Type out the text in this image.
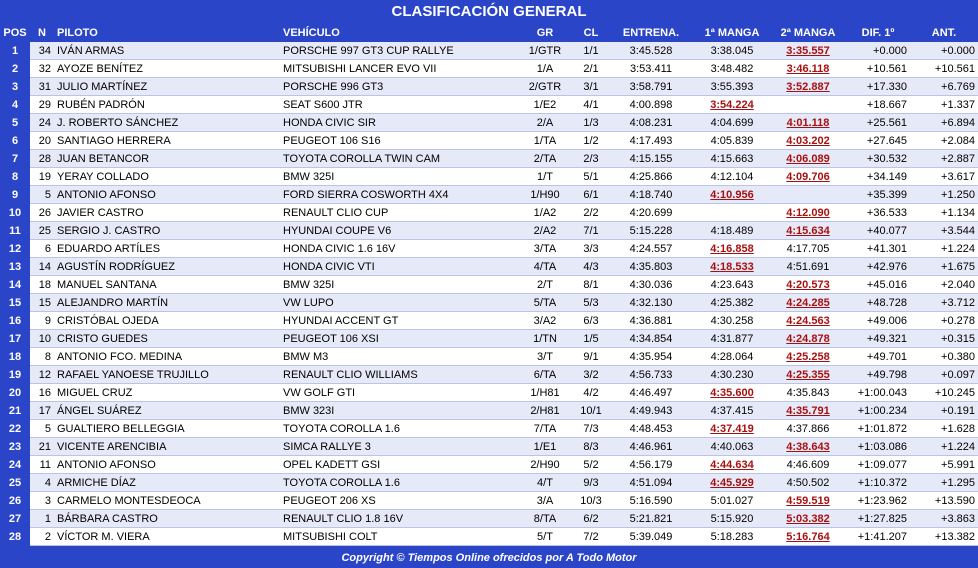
CLASIFICACIÓN GENERAL
POS	N	PILOTO	VEHÍCULO	GR	CL	ENTRENA.	1ª MANGA	2ª MANGA	DIF. 1º	ANT.
1	34	IVÁN ARMAS	PORSCHE 997 GT3 CUP RALLYE	1/GTR	1/1	3:45.528	3:38.045	3:35.557	+0.000	+0.000
2	32	AYOZE BENÍTEZ	MITSUBISHI LANCER EVO VII	1/A	2/1	3:53.411	3:48.482	3:46.118	+10.561	+10.561
3	31	JULIO MARTÍNEZ	PORSCHE 996 GT3	2/GTR	3/1	3:58.791	3:55.393	3:52.887	+17.330	+6.769
4	29	RUBÉN PADRÓN	SEAT S600 JTR	1/E2	4/1	4:00.898	3:54.224		+18.667	+1.337
5	24	J. ROBERTO SÁNCHEZ	HONDA CIVIC SIR	2/A	1/3	4:08.231	4:04.699	4:01.118	+25.561	+6.894
6	20	SANTIAGO HERRERA	PEUGEOT 106 S16	1/TA	1/2	4:17.493	4:05.839	4:03.202	+27.645	+2.084
7	28	JUAN BETANCOR	TOYOTA COROLLA TWIN CAM	2/TA	2/3	4:15.155	4:15.663	4:06.089	+30.532	+2.887
8	19	YERAY COLLADO	BMW 325I	1/T	5/1	4:25.866	4:12.104	4:09.706	+34.149	+3.617
9	5	ANTONIO AFONSO	FORD SIERRA COSWORTH 4X4	1/H90	6/1	4:18.740	4:10.956		+35.399	+1.250
10	26	JAVIER CASTRO	RENAULT CLIO CUP	1/A2	2/2	4:20.699		4:12.090	+36.533	+1.134
11	25	SERGIO J. CASTRO	HYUNDAI COUPE V6	2/A2	7/1	5:15.228	4:18.489	4:15.634	+40.077	+3.544
12	6	EDUARDO ARTÍLES	HONDA CIVIC 1.6 16V	3/TA	3/3	4:24.557	4:16.858	4:17.705	+41.301	+1.224
13	14	AGUSTÍN RODRÍGUEZ	HONDA CIVIC VTI	4/TA	4/3	4:35.803	4:18.533	4:51.691	+42.976	+1.675
14	18	MANUEL SANTANA	BMW 325I	2/T	8/1	4:30.036	4:23.643	4:20.573	+45.016	+2.040
15	15	ALEJANDRO MARTÍN	VW LUPO	5/TA	5/3	4:32.130	4:25.382	4:24.285	+48.728	+3.712
16	9	CRISTÓBAL OJEDA	HYUNDAI ACCENT GT	3/A2	6/3	4:36.881	4:30.258	4:24.563	+49.006	+0.278
17	10	CRISTO GUEDES	PEUGEOT 106 XSI	1/TN	1/5	4:34.854	4:31.877	4:24.878	+49.321	+0.315
18	8	ANTONIO FCO. MEDINA	BMW M3	3/T	9/1	4:35.954	4:28.064	4:25.258	+49.701	+0.380
19	12	RAFAEL YANOESE TRUJILLO	RENAULT CLIO WILLIAMS	6/TA	3/2	4:56.733	4:30.230	4:25.355	+49.798	+0.097
20	16	MIGUEL CRUZ	VW GOLF GTI	1/H81	4/2	4:46.497	4:35.600	4:35.843	+1:00.043	+10.245
21	17	ÁNGEL SUÁREZ	BMW 323I	2/H81	10/1	4:49.943	4:37.415	4:35.791	+1:00.234	+0.191
22	5	GUALTIERO BELLEGGIA	TOYOTA COROLLA 1.6	7/TA	7/3	4:48.453	4:37.419	4:37.866	+1:01.872	+1.628
23	21	VICENTE ARENCIBIA	SIMCA RALLYE 3	1/E1	8/3	4:46.961	4:40.063	4:38.643	+1:03.086	+1.224
24	11	ANTONIO AFONSO	OPEL KADETT GSI	2/H90	5/2	4:56.179	4:44.634	4:46.609	+1:09.077	+5.991
25	4	ARMICHE DÍAZ	TOYOTA COROLLA 1.6	4/T	9/3	4:51.094	4:45.929	4:50.502	+1:10.372	+1.295
26	3	CARMELO MONTESDEOCA	PEUGEOT 206 XS	3/A	10/3	5:16.590	5:01.027	4:59.519	+1:23.962	+13.590
27	1	BÁRBARA CASTRO	RENAULT CLIO 1.8 16V	8/TA	6/2	5:21.821	5:15.920	5:03.382	+1:27.825	+3.863
28	2	VÍCTOR M. VIERA	MITSUBISHI COLT	5/T	7/2	5:39.049	5:18.283	5:16.764	+1:41.207	+13.382
Copyright © Tiempos Online ofrecidos por A Todo Motor
